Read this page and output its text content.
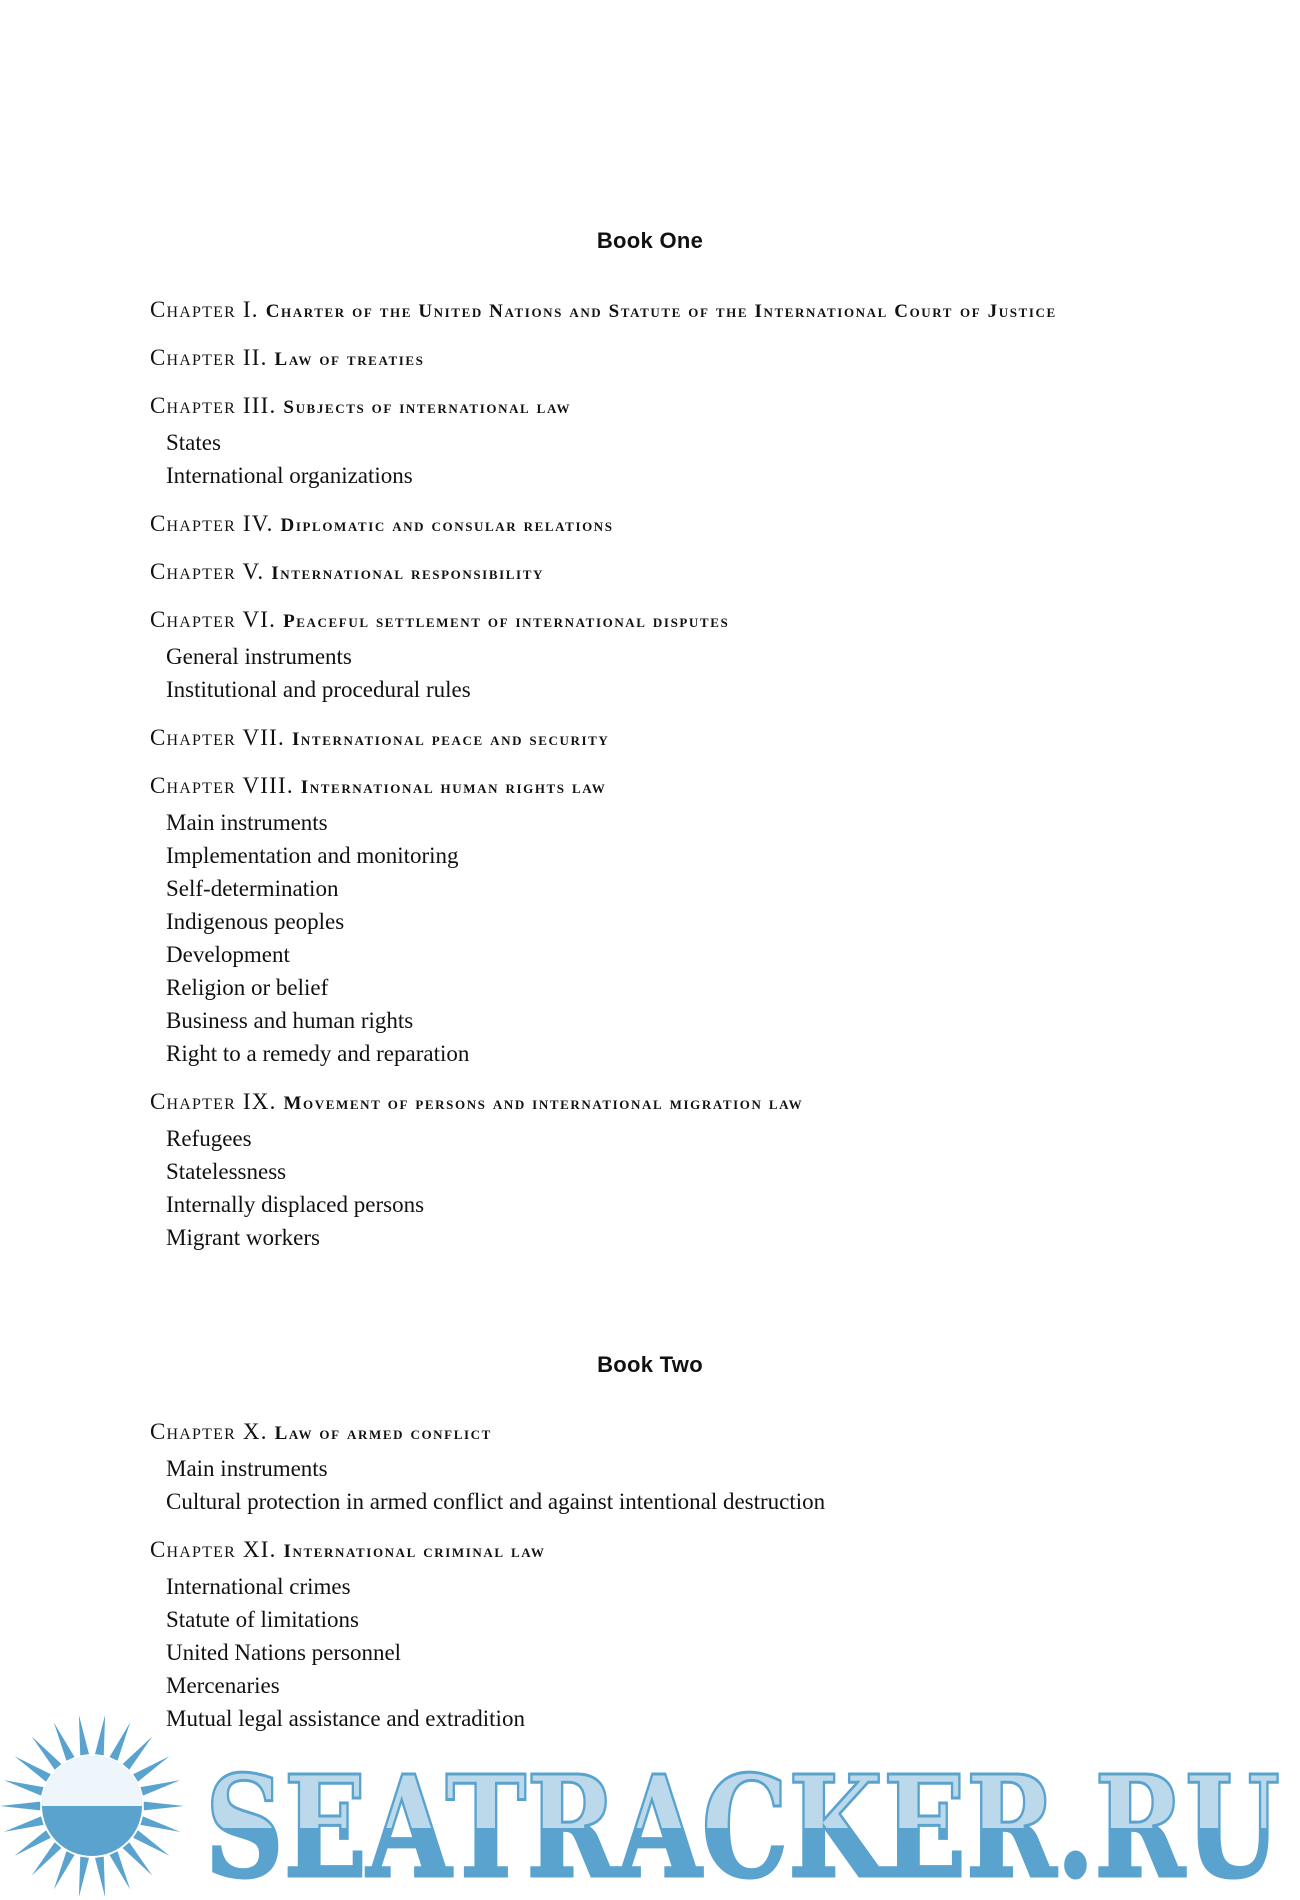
Book One
Chapter I. Charter of the United Nations and Statute of the International Court of Justice
Chapter II. Law of treaties
Chapter III. Subjects of international law
States
International organizations
Chapter IV. Diplomatic and consular relations
Chapter V. International responsibility
Chapter VI. Peaceful settlement of international disputes
General instruments
Institutional and procedural rules
Chapter VII. International peace and security
Chapter VIII. International human rights law
Main instruments
Implementation and monitoring
Self-determination
Indigenous peoples
Development
Religion or belief
Business and human rights
Right to a remedy and reparation
Chapter IX. Movement of persons and international migration law
Refugees
Statelessness
Internally displaced persons
Migrant workers
Book Two
Chapter X. Law of armed conflict
Main instruments
Cultural protection in armed conflict and against intentional destruction
Chapter XI. International criminal law
International crimes
Statute of limitations
United Nations personnel
Mercenaries
Mutual legal assistance and extradition
SEATRACKER.RU
